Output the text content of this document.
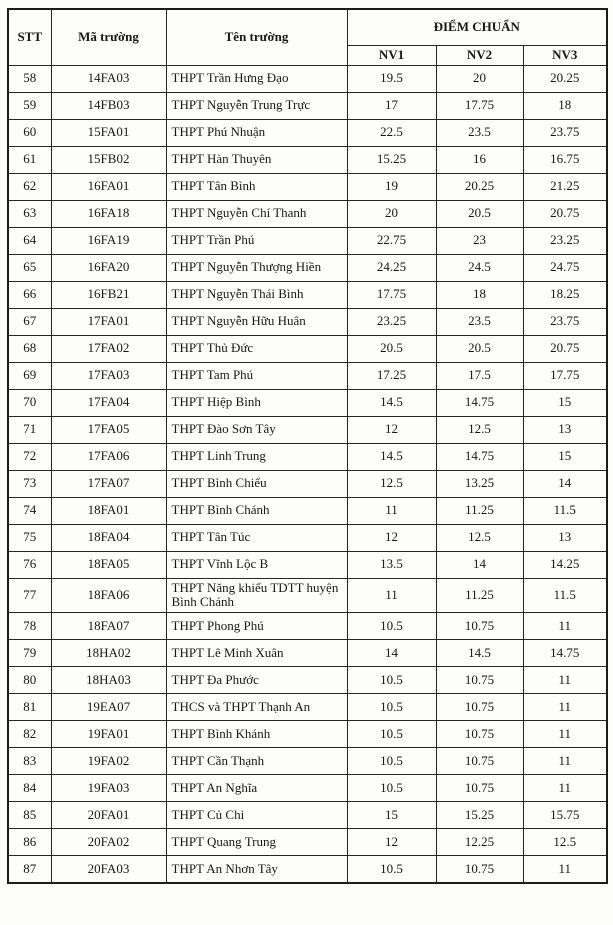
STT	Mã trường	Tên trường	ĐIỂM CHUẨN		
			NV1	NV2	NV3
58	14FA03	THPT Trần Hưng Đạo	19.5	20	20.25
59	14FB03	THPT Nguyễn Trung Trực	17	17.75	18
60	15FA01	THPT Phú Nhuận	22.5	23.5	23.75
61	15FB02	THPT Hàn Thuyên	15.25	16	16.75
62	16FA01	THPT Tân Bình	19	20.25	21.25
63	16FA18	THPT Nguyễn Chí Thanh	20	20.5	20.75
64	16FA19	THPT Trần Phú	22.75	23	23.25
65	16FA20	THPT Nguyễn Thượng Hiền	24.25	24.5	24.75
66	16FB21	THPT Nguyễn Thái Bình	17.75	18	18.25
67	17FA01	THPT Nguyễn Hữu Huân	23.25	23.5	23.75
68	17FA02	THPT Thủ Đức	20.5	20.5	20.75
69	17FA03	THPT Tam Phú	17.25	17.5	17.75
70	17FA04	THPT Hiệp Bình	14.5	14.75	15
71	17FA05	THPT Đào Sơn Tây	12	12.5	13
72	17FA06	THPT Linh Trung	14.5	14.75	15
73	17FA07	THPT Bình Chiểu	12.5	13.25	14
74	18FA01	THPT Bình Chánh	11	11.25	11.5
75	18FA04	THPT Tân Túc	12	12.5	13
76	18FA05	THPT Vĩnh Lộc B	13.5	14	14.25
77	18FA06	THPT Năng khiếu TDTT huyện Bình Chánh	11	11.25	11.5
78	18FA07	THPT Phong Phú	10.5	10.75	11
79	18HA02	THPT Lê Minh Xuân	14	14.5	14.75
80	18HA03	THPT Đa Phước	10.5	10.75	11
81	19EA07	THCS và THPT Thạnh An	10.5	10.75	11
82	19FA01	THPT Bình Khánh	10.5	10.75	11
83	19FA02	THPT Cần Thạnh	10.5	10.75	11
84	19FA03	THPT An Nghĩa	10.5	10.75	11
85	20FA01	THPT Củ Chi	15	15.25	15.75
86	20FA02	THPT Quang Trung	12	12.25	12.5
87	20FA03	THPT An Nhơn Tây	10.5	10.75	11
